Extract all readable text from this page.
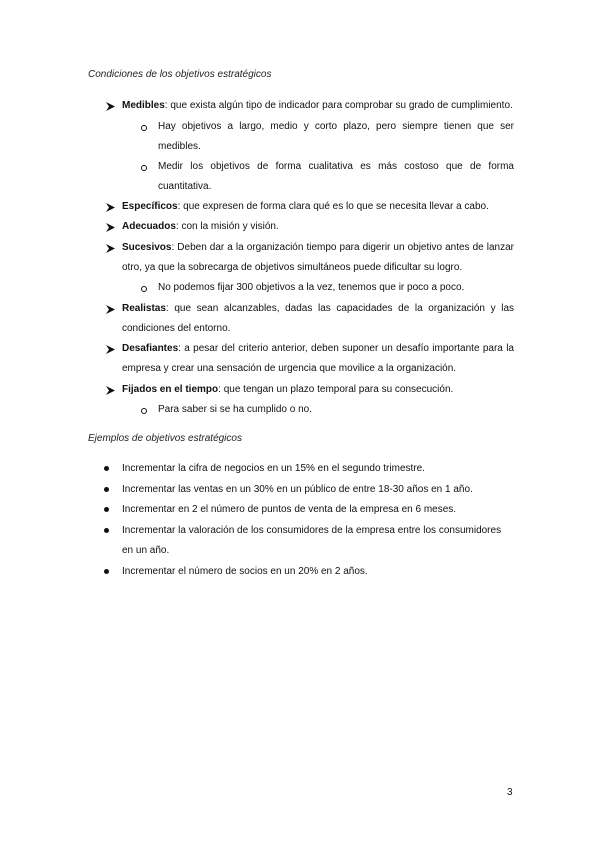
Condiciones de los objetivos estratégicos
Medibles: que exista algún tipo de indicador para comprobar su grado de cumplimiento.
Hay objetivos a largo, medio y corto plazo, pero siempre tienen que ser medibles.
Medir los objetivos de forma cualitativa es más costoso que de forma cuantitativa.
Específicos: que expresen de forma clara qué es lo que se necesita llevar a cabo.
Adecuados: con la misión y visión.
Sucesivos: Deben dar a la organización tiempo para digerir un objetivo antes de lanzar otro, ya que la sobrecarga de objetivos simultáneos puede dificultar su logro.
No podemos fijar 300 objetivos a la vez, tenemos que ir poco a poco.
Realistas: que sean alcanzables, dadas las capacidades de la organización y las condiciones del entorno.
Desafiantes: a pesar del criterio anterior, deben suponer un desafío importante para la empresa y crear una sensación de urgencia que movilice a la organización.
Fijados en el tiempo: que tengan un plazo temporal para su consecución.
Para saber si se ha cumplido o no.
Ejemplos de objetivos estratégicos
Incrementar la cifra de negocios en un 15% en el segundo trimestre.
Incrementar las ventas en un 30% en un público de entre 18-30 años en 1 año.
Incrementar en 2 el número de puntos de venta de la empresa en 6 meses.
Incrementar la valoración de los consumidores de la empresa entre los consumidores en un año.
Incrementar el número de socios en un 20% en 2 años.
3
